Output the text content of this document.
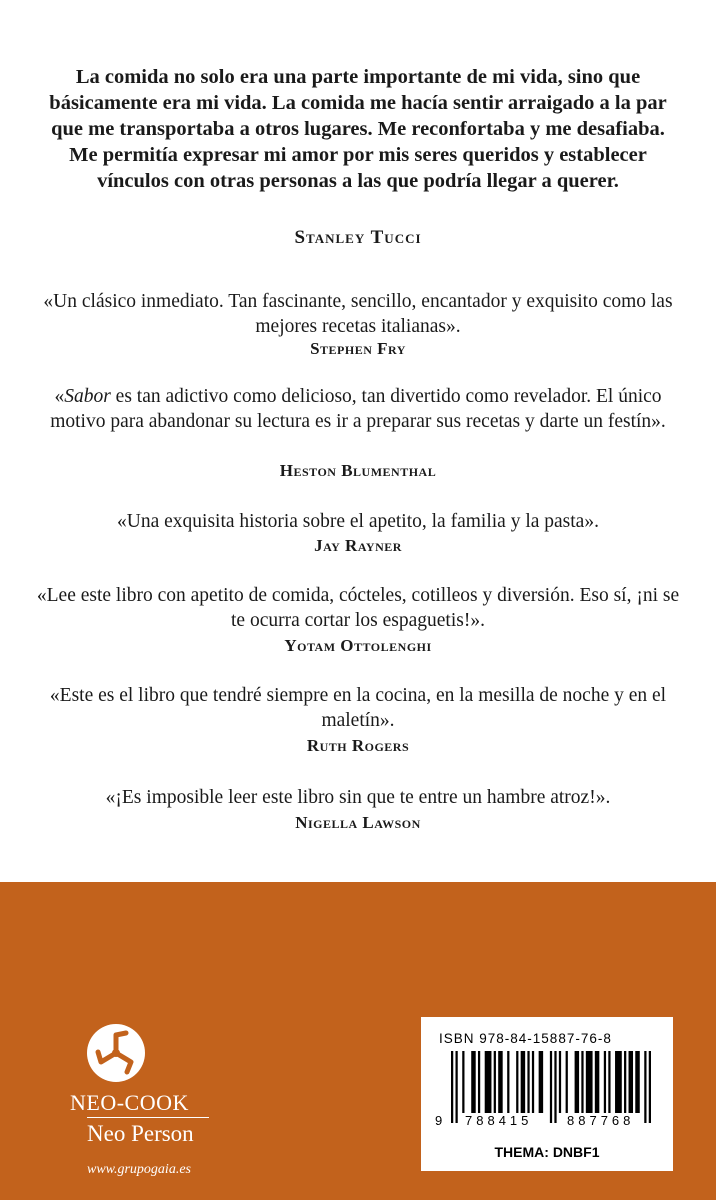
La comida no solo era una parte importante de mi vida, sino que básicamente era mi vida. La comida me hacía sentir arraigado a la par que me transportaba a otros lugares. Me reconfortaba y me desafiaba. Me permitía expresar mi amor por mis seres queridos y establecer vínculos con otras personas a las que podría llegar a querer.
Stanley Tucci
«Un clásico inmediato. Tan fascinante, sencillo, encantador y exquisito como las mejores recetas italianas».
Stephen Fry
«Sabor es tan adictivo como delicioso, tan divertido como revelador. El único motivo para abandonar su lectura es ir a preparar sus recetas y darte un festín».
Heston Blumenthal
«Una exquisita historia sobre el apetito, la familia y la pasta».
Jay Rayner
«Lee este libro con apetito de comida, cócteles, cotilleos y diversión. Eso sí, ¡ni se te ocurra cortar los espaguetis!».
Yotam Ottolenghi
«Este es el libro que tendré siempre en la cocina, en la mesilla de noche y en el maletín».
Ruth Rogers
«¡Es imposible leer este libro sin que te entre un hambre atroz!».
Nigella Lawson
NEO-COOK
Neo Person
www.grupogaia.es
ISBN 978-84-15887-76-8
9 788415	887768
THEMA: DNBF1
